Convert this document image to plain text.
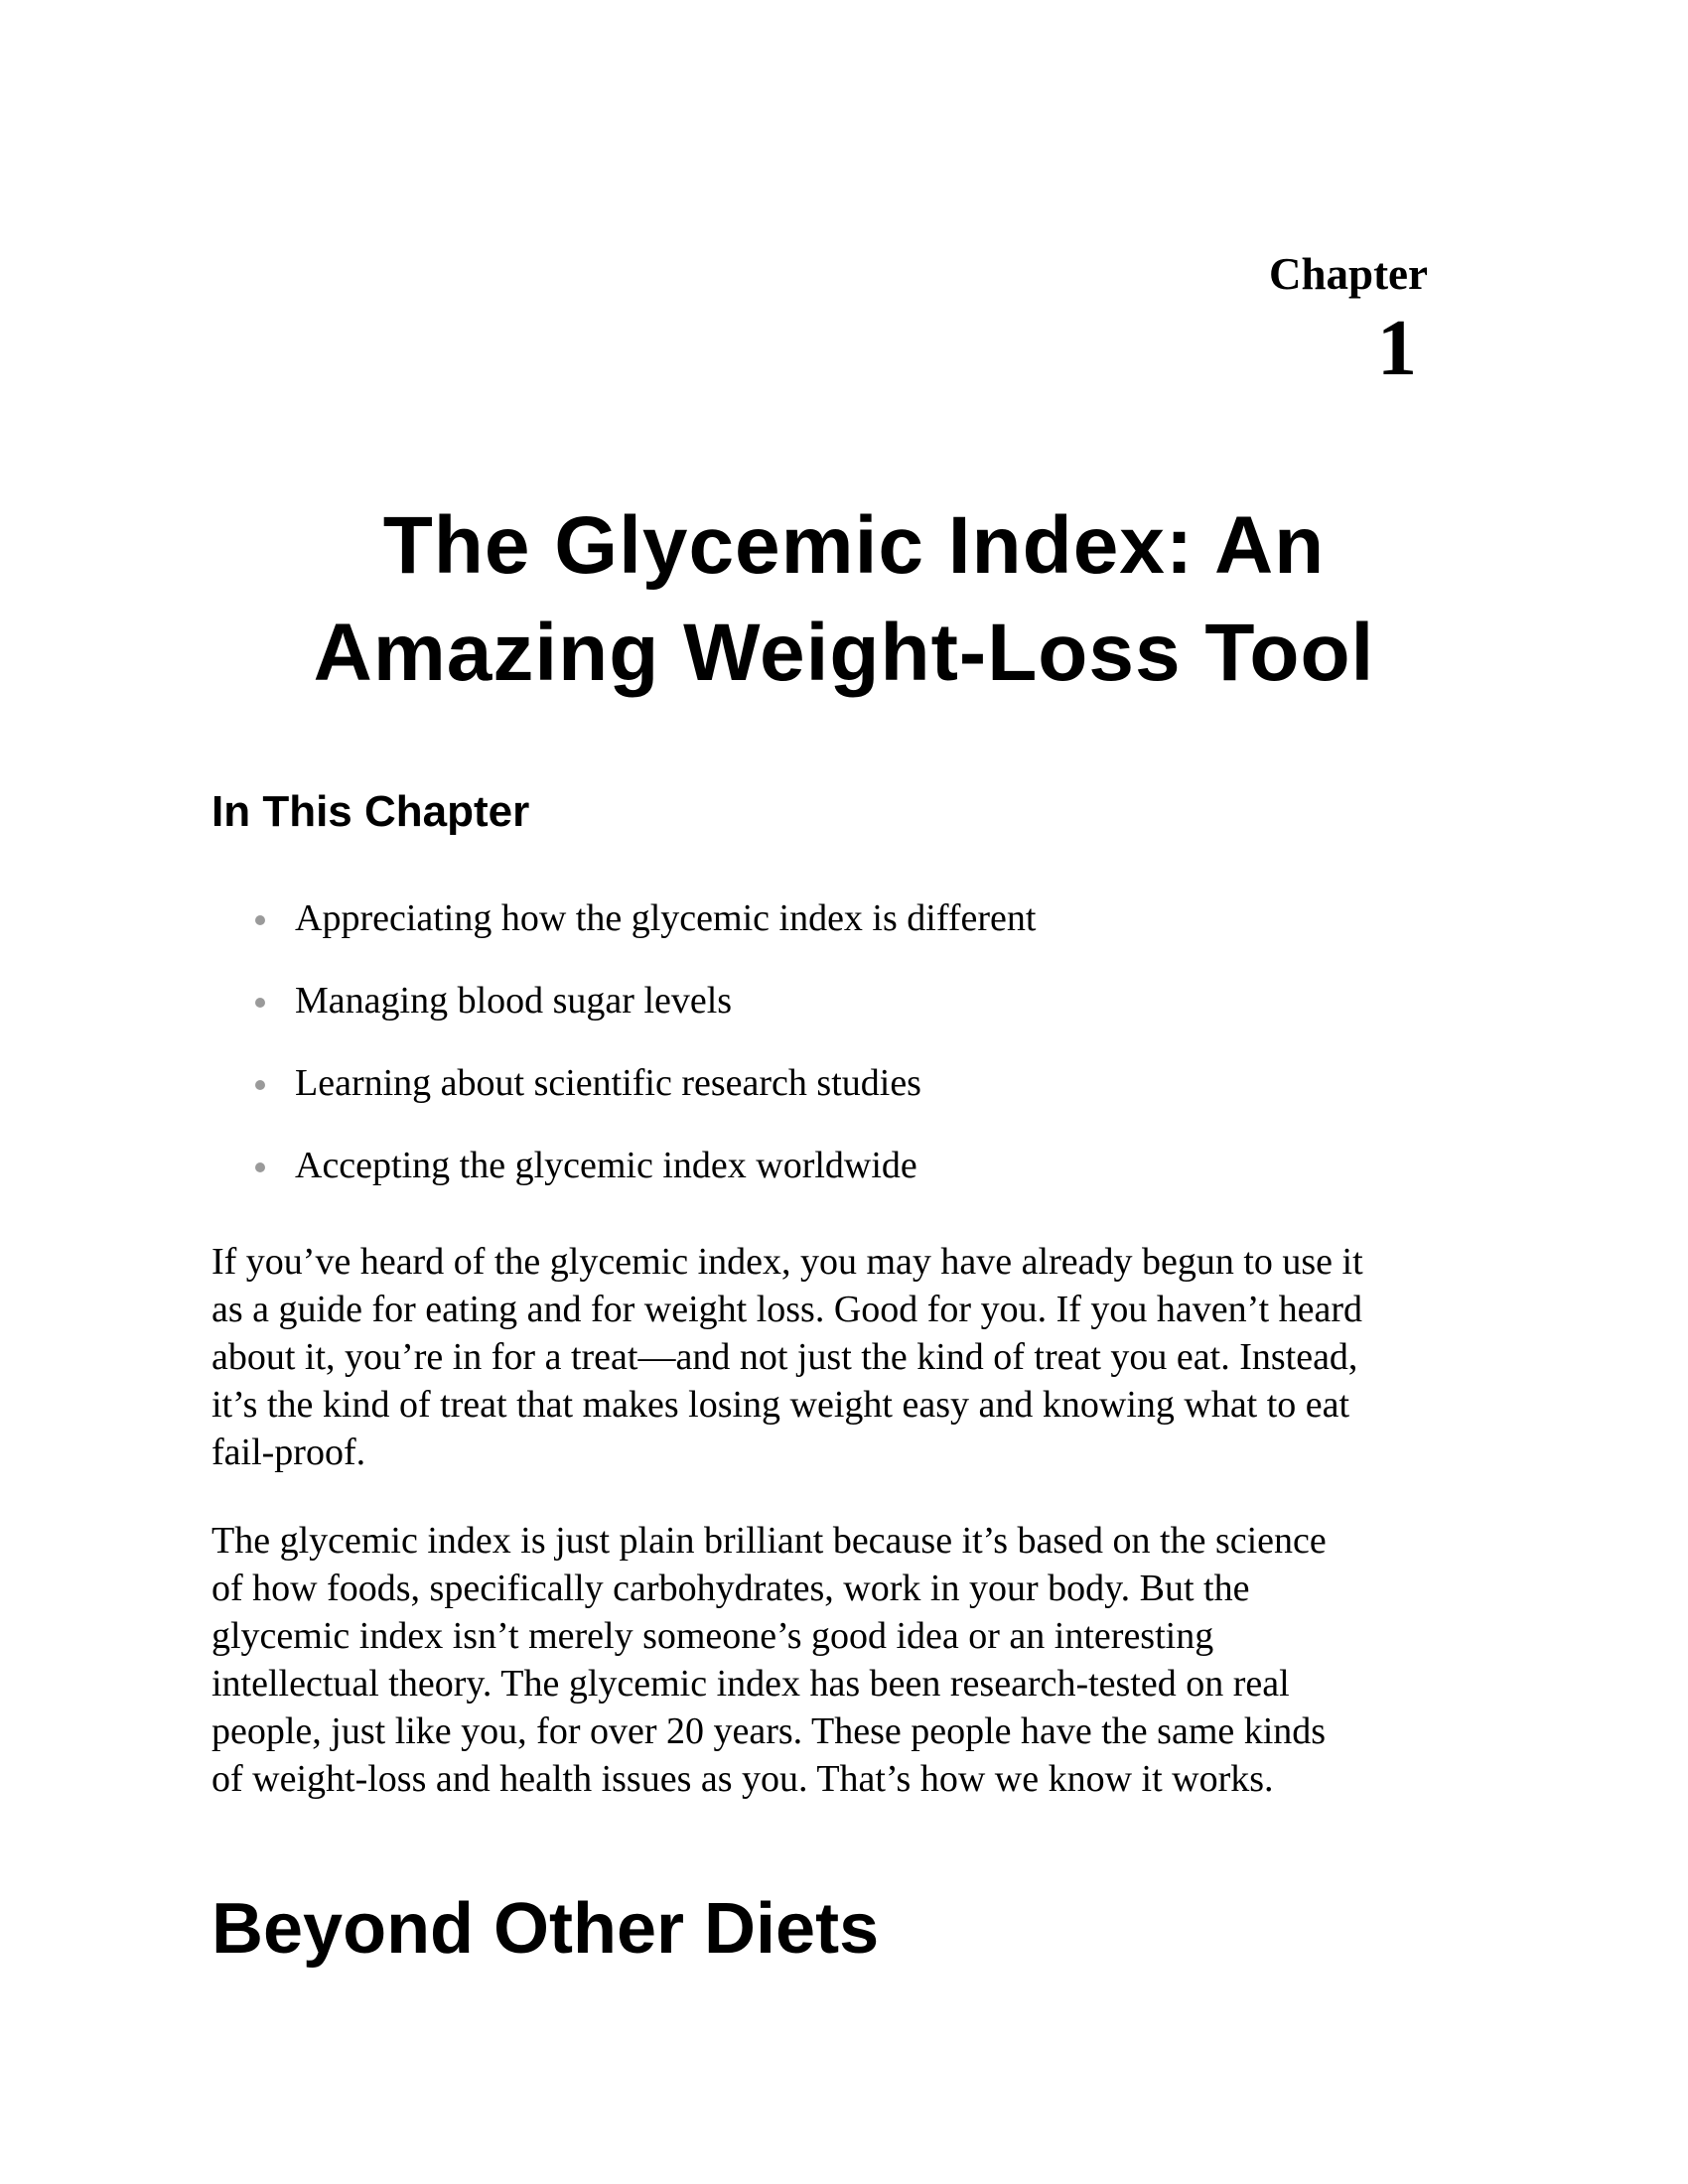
Chapter
1
The Glycemic Index: An
Amazing Weight-Loss Tool
In This Chapter
Appreciating how the glycemic index is different
Managing blood sugar levels
Learning about scientific research studies
Accepting the glycemic index worldwide

If you’ve heard of the glycemic index, you may have already begun to use it
as a guide for eating and for weight loss. Good for you. If you haven’t heard
about it, you’re in for a treat—and not just the kind of treat you eat. Instead,
it’s the kind of treat that makes losing weight easy and knowing what to eat
fail-proof.

The glycemic index is just plain brilliant because it’s based on the science
of how foods, specifically carbohydrates, work in your body. But the
glycemic index isn’t merely someone’s good idea or an interesting
intellectual theory. The glycemic index has been research-tested on real
people, just like you, for over 20 years. These people have the same kinds
of weight-loss and health issues as you. That’s how we know it works.

Beyond Other Diets
